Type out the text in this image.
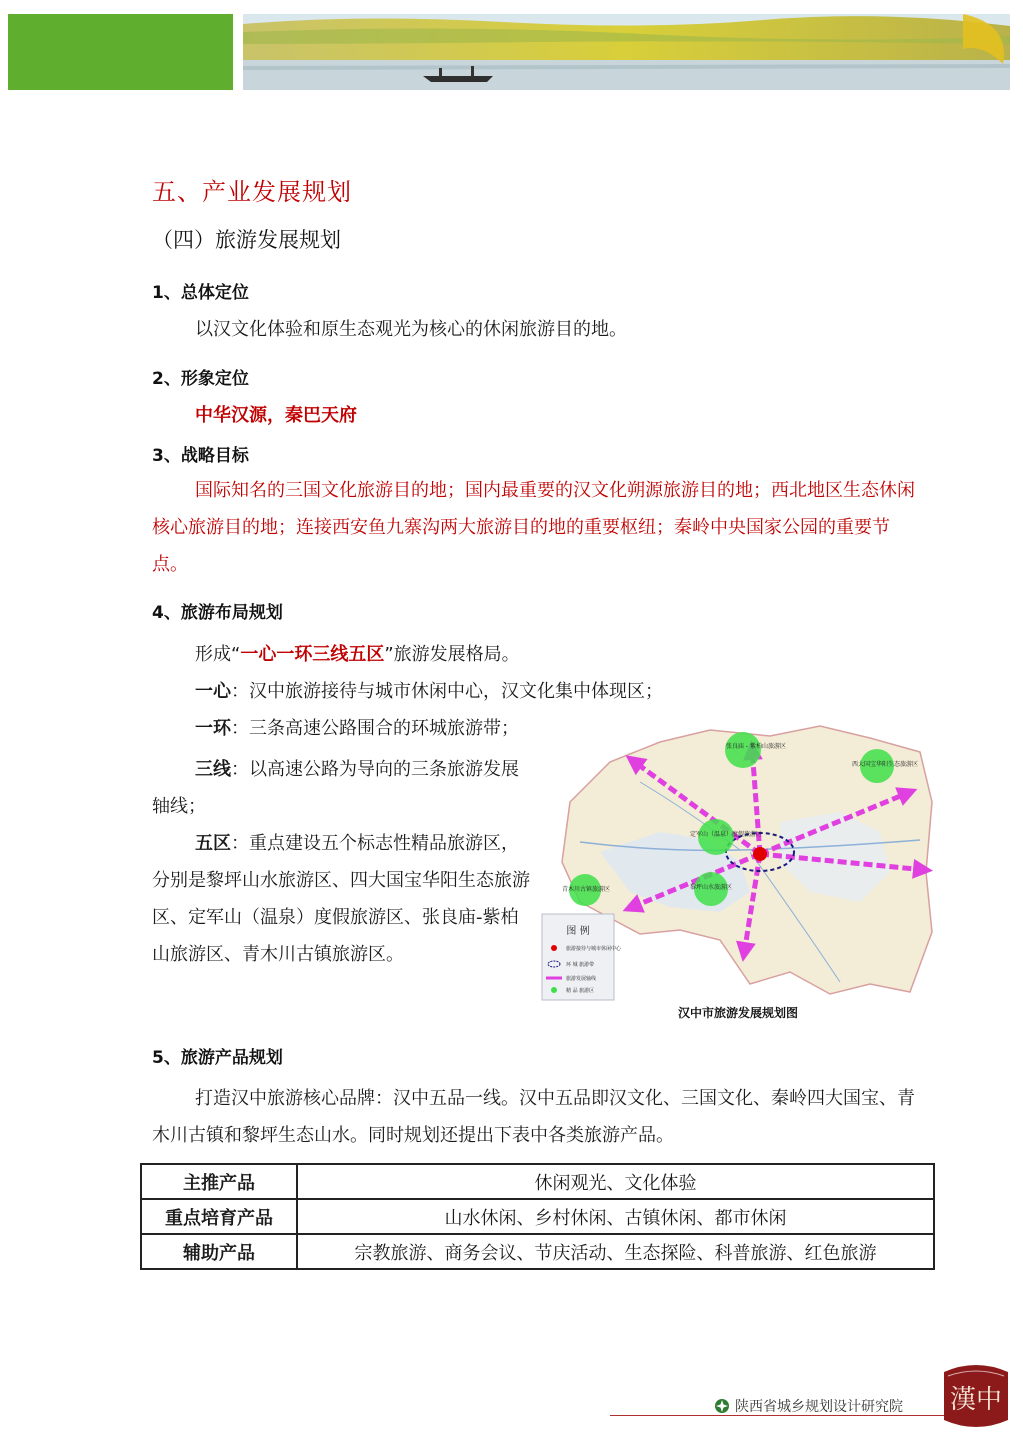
五、产业发展规划
（四）旅游发展规划
1、总体定位
以汉文化体验和原生态观光为核心的休闲旅游目的地。
2、形象定位
中华汉源，秦巴天府
3、战略目标
国际知名的三国文化旅游目的地；国内最重要的汉文化朔源旅游目的地；西北地区生态休闲核心旅游目的地；连接西安鱼九寨沟两大旅游目的地的重要枢纽；秦岭中央国家公园的重要节点。
4、旅游布局规划
形成“一心一环三线五区”旅游发展格局。
一心：汉中旅游接待与城市休闲中心，汉文化集中体现区；
一环：三条高速公路围合的环城旅游带；
三线：以高速公路为导向的三条旅游发展轴线；
五区：重点建设五个标志性精品旅游区，分别是黎坪山水旅游区、四大国宝华阳生态旅游区、定军山（温泉）度假旅游区、张良庙-紫柏山旅游区、青木川古镇旅游区。
张良庙 - 紫柏山旅游区
西大国宝华阳生态旅游区
定军山（温泉）度假旅游区
青木川古镇旅游区	黎坪山水旅游区
图 例
旅游接待与城市休闲中心
环 城 旅游带
旅游发展轴线
精 品 旅游区
汉中市旅游发展规划图
5、旅游产品规划
打造汉中旅游核心品牌：汉中五品一线。汉中五品即汉文化、三国文化、秦岭四大国宝、青木川古镇和黎坪生态山水。同时规划还提出下表中各类旅游产品。
主推产品	休闲观光、文化体验
重点培育产品	山水休闲、乡村休闲、古镇休闲、都市休闲
辅助产品	宗教旅游、商务会议、节庆活动、生态探险、科普旅游、红色旅游
陕西省城乡规划设计研究院 漢中
